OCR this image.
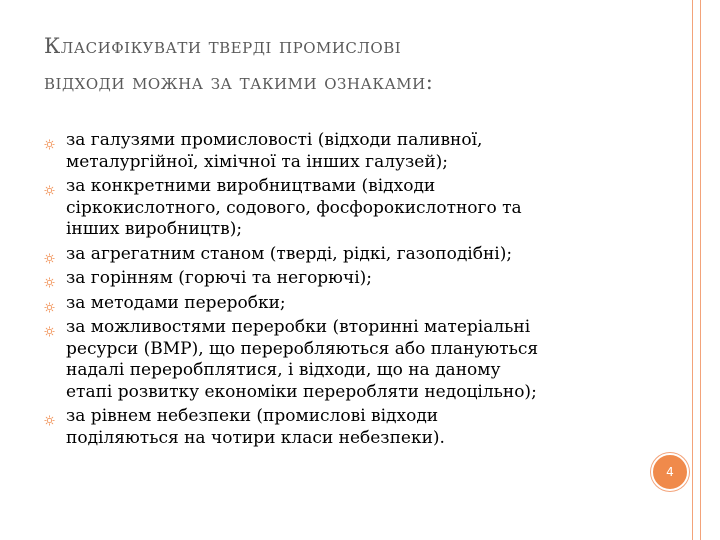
Класифікувати тверді промислові
відходи можна за такими ознаками:
за галузями промисловості (відходи паливної,
металургійної, хімічної та інших галузей);
за конкретними виробництвами (відходи
сіркокислотного, содового, фосфорокислотного та
інших виробництв);
за агрегатним станом (тверді, рідкі, газоподібні);
за горінням (горючі та негорючі);
за методами переробки;
за можливостями переробки (вторинні матеріальні
ресурси (ВМР), що переробляються або плануються
надалі переробплятися, і відходи, що на даному
етапі розвитку економіки переробляти недоцільно);
за рівнем небезпеки (промислові відходи
поділяються на чотири класи небезпеки).
4
